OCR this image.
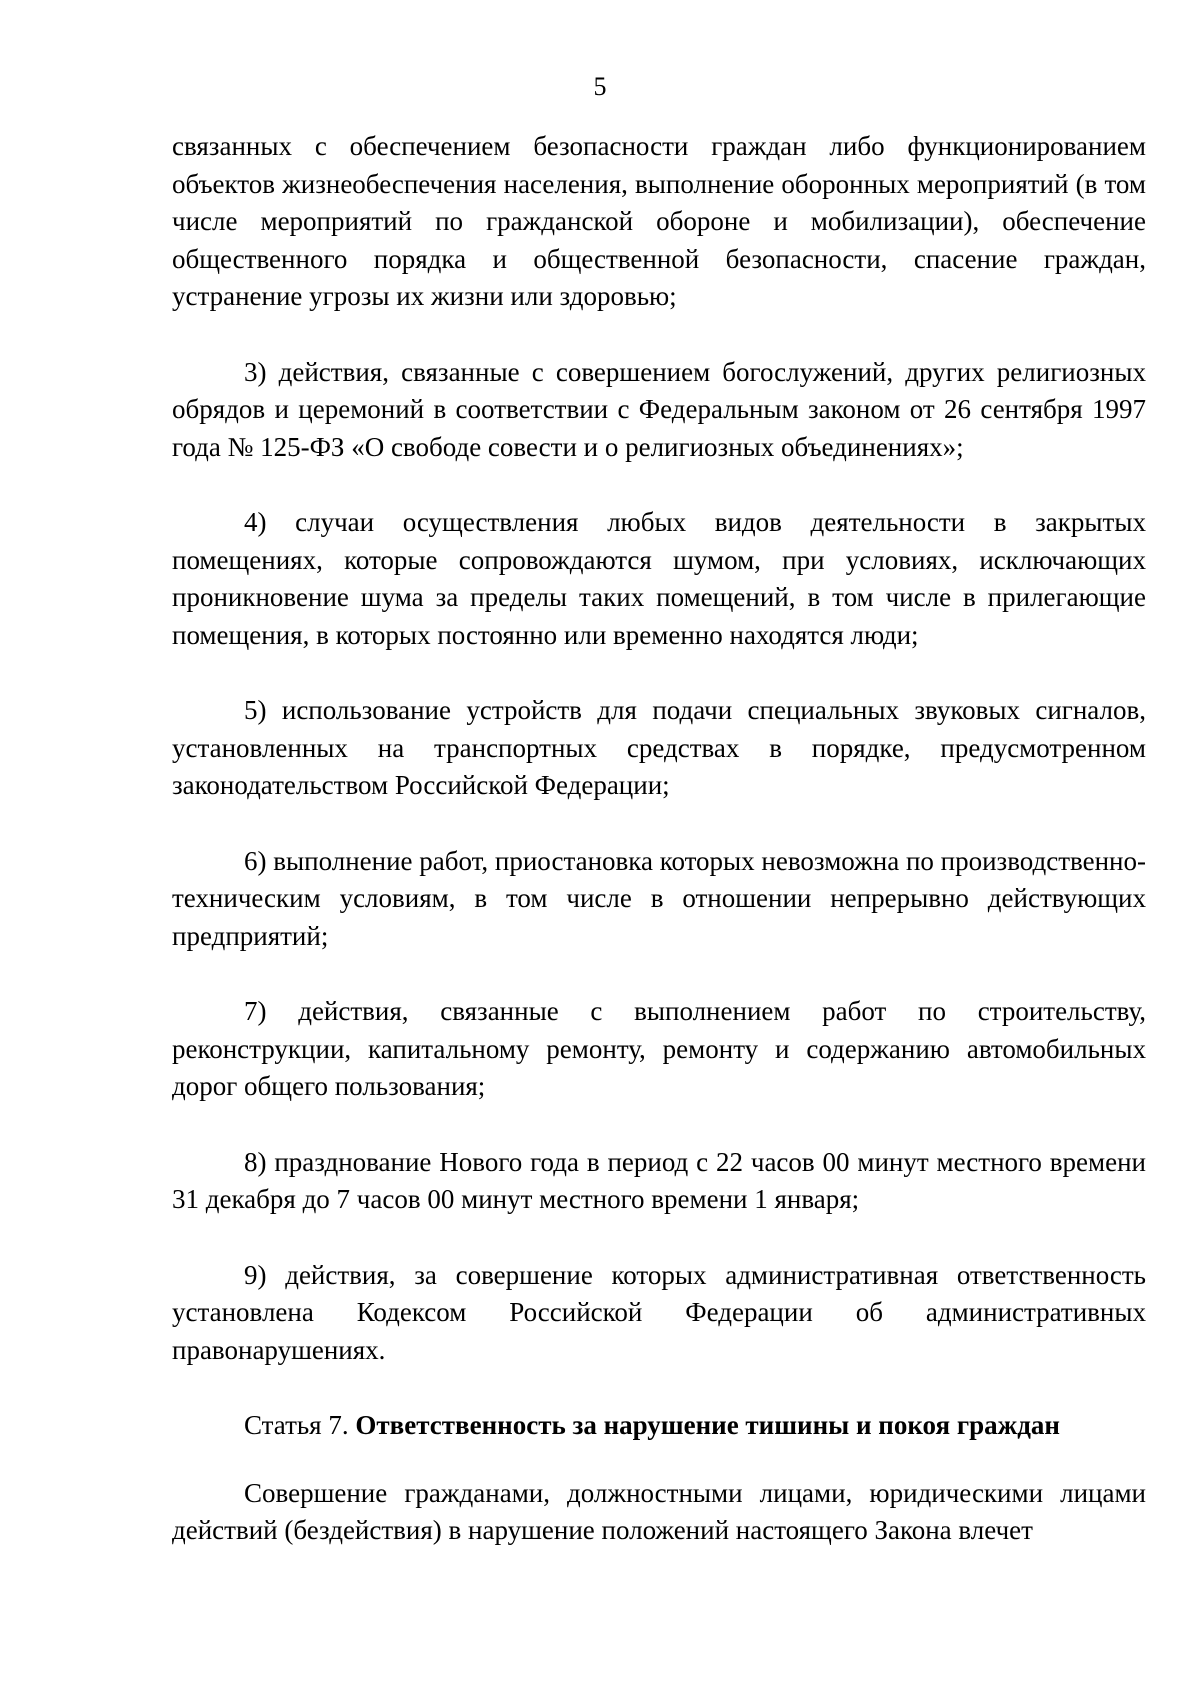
5

связанных с обеспечением безопасности граждан либо функционированием объектов жизнеобеспечения населения, выполнение оборонных мероприятий (в том числе мероприятий по гражданской обороне и мобилизации), обеспечение общественного порядка и общественной безопасности, спасение граждан, устранение угрозы их жизни или здоровью;

3) действия, связанные с совершением богослужений, других религиозных обрядов и церемоний в соответствии с Федеральным законом от 26 сентября 1997 года № 125-ФЗ «О свободе совести и о религиозных объединениях»;

4) случаи осуществления любых видов деятельности в закрытых помещениях, которые сопровождаются шумом, при условиях, исключающих проникновение шума за пределы таких помещений, в том числе в прилегающие помещения, в которых постоянно или временно находятся люди;

5) использование устройств для подачи специальных звуковых сигналов, установленных на транспортных средствах в порядке, предусмотренном законодательством Российской Федерации;

6) выполнение работ, приостановка которых невозможна по производственно-техническим условиям, в том числе в отношении непрерывно действующих предприятий;

7) действия, связанные с выполнением работ по строительству, реконструкции, капитальному ремонту, ремонту и содержанию автомобильных дорог общего пользования;

8) празднование Нового года в период с 22 часов 00 минут местного времени 31 декабря до 7 часов 00 минут местного времени 1 января;

9) действия, за совершение которых административная ответственность установлена Кодексом Российской Федерации об административных правонарушениях.

Статья 7. Ответственность за нарушение тишины и покоя граждан

Совершение гражданами, должностными лицами, юридическими лицами действий (бездействия) в нарушение положений настоящего Закона влечет
